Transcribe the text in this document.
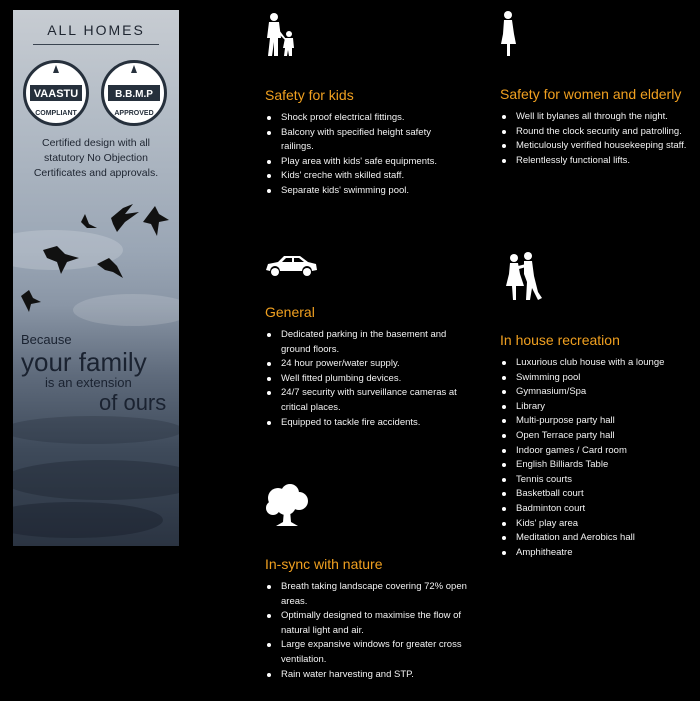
ALL HOMES
VAASTU
COMPLIANT
B.B.M.P
APPROVED
Certified design with all statutory No Objection Certificates and approvals.
Because
your family
is an extension
of ours
Safety for kids
Shock proof electrical fittings.
Balcony with specified height safety railings.
Play area with kids' safe equipments.
Kids' creche with skilled staff.
Separate kids' swimming pool.
Safety for women and elderly
Well lit bylanes all through the night.
Round the clock security and patrolling.
Meticulously verified housekeeping staff.
Relentlessly functional lifts.
General
Dedicated parking in the basement and ground floors.
24 hour power/water supply.
Well fitted plumbing devices.
24/7 security with surveillance cameras at critical places.
Equipped to tackle fire accidents.
In house recreation
Luxurious club house with a lounge
Swimming pool
Gymnasium/Spa
Library
Multi-purpose party hall
Open Terrace party hall
Indoor games / Card room
English Billiards Table
Tennis courts
Basketball court
Badminton court
Kids' play area
Meditation and Aerobics hall
Amphitheatre
In-sync with nature
Breath taking landscape covering 72% open areas.
Optimally designed to maximise the flow of natural light and air.
Large expansive windows for greater cross ventilation.
Rain water harvesting and STP.
